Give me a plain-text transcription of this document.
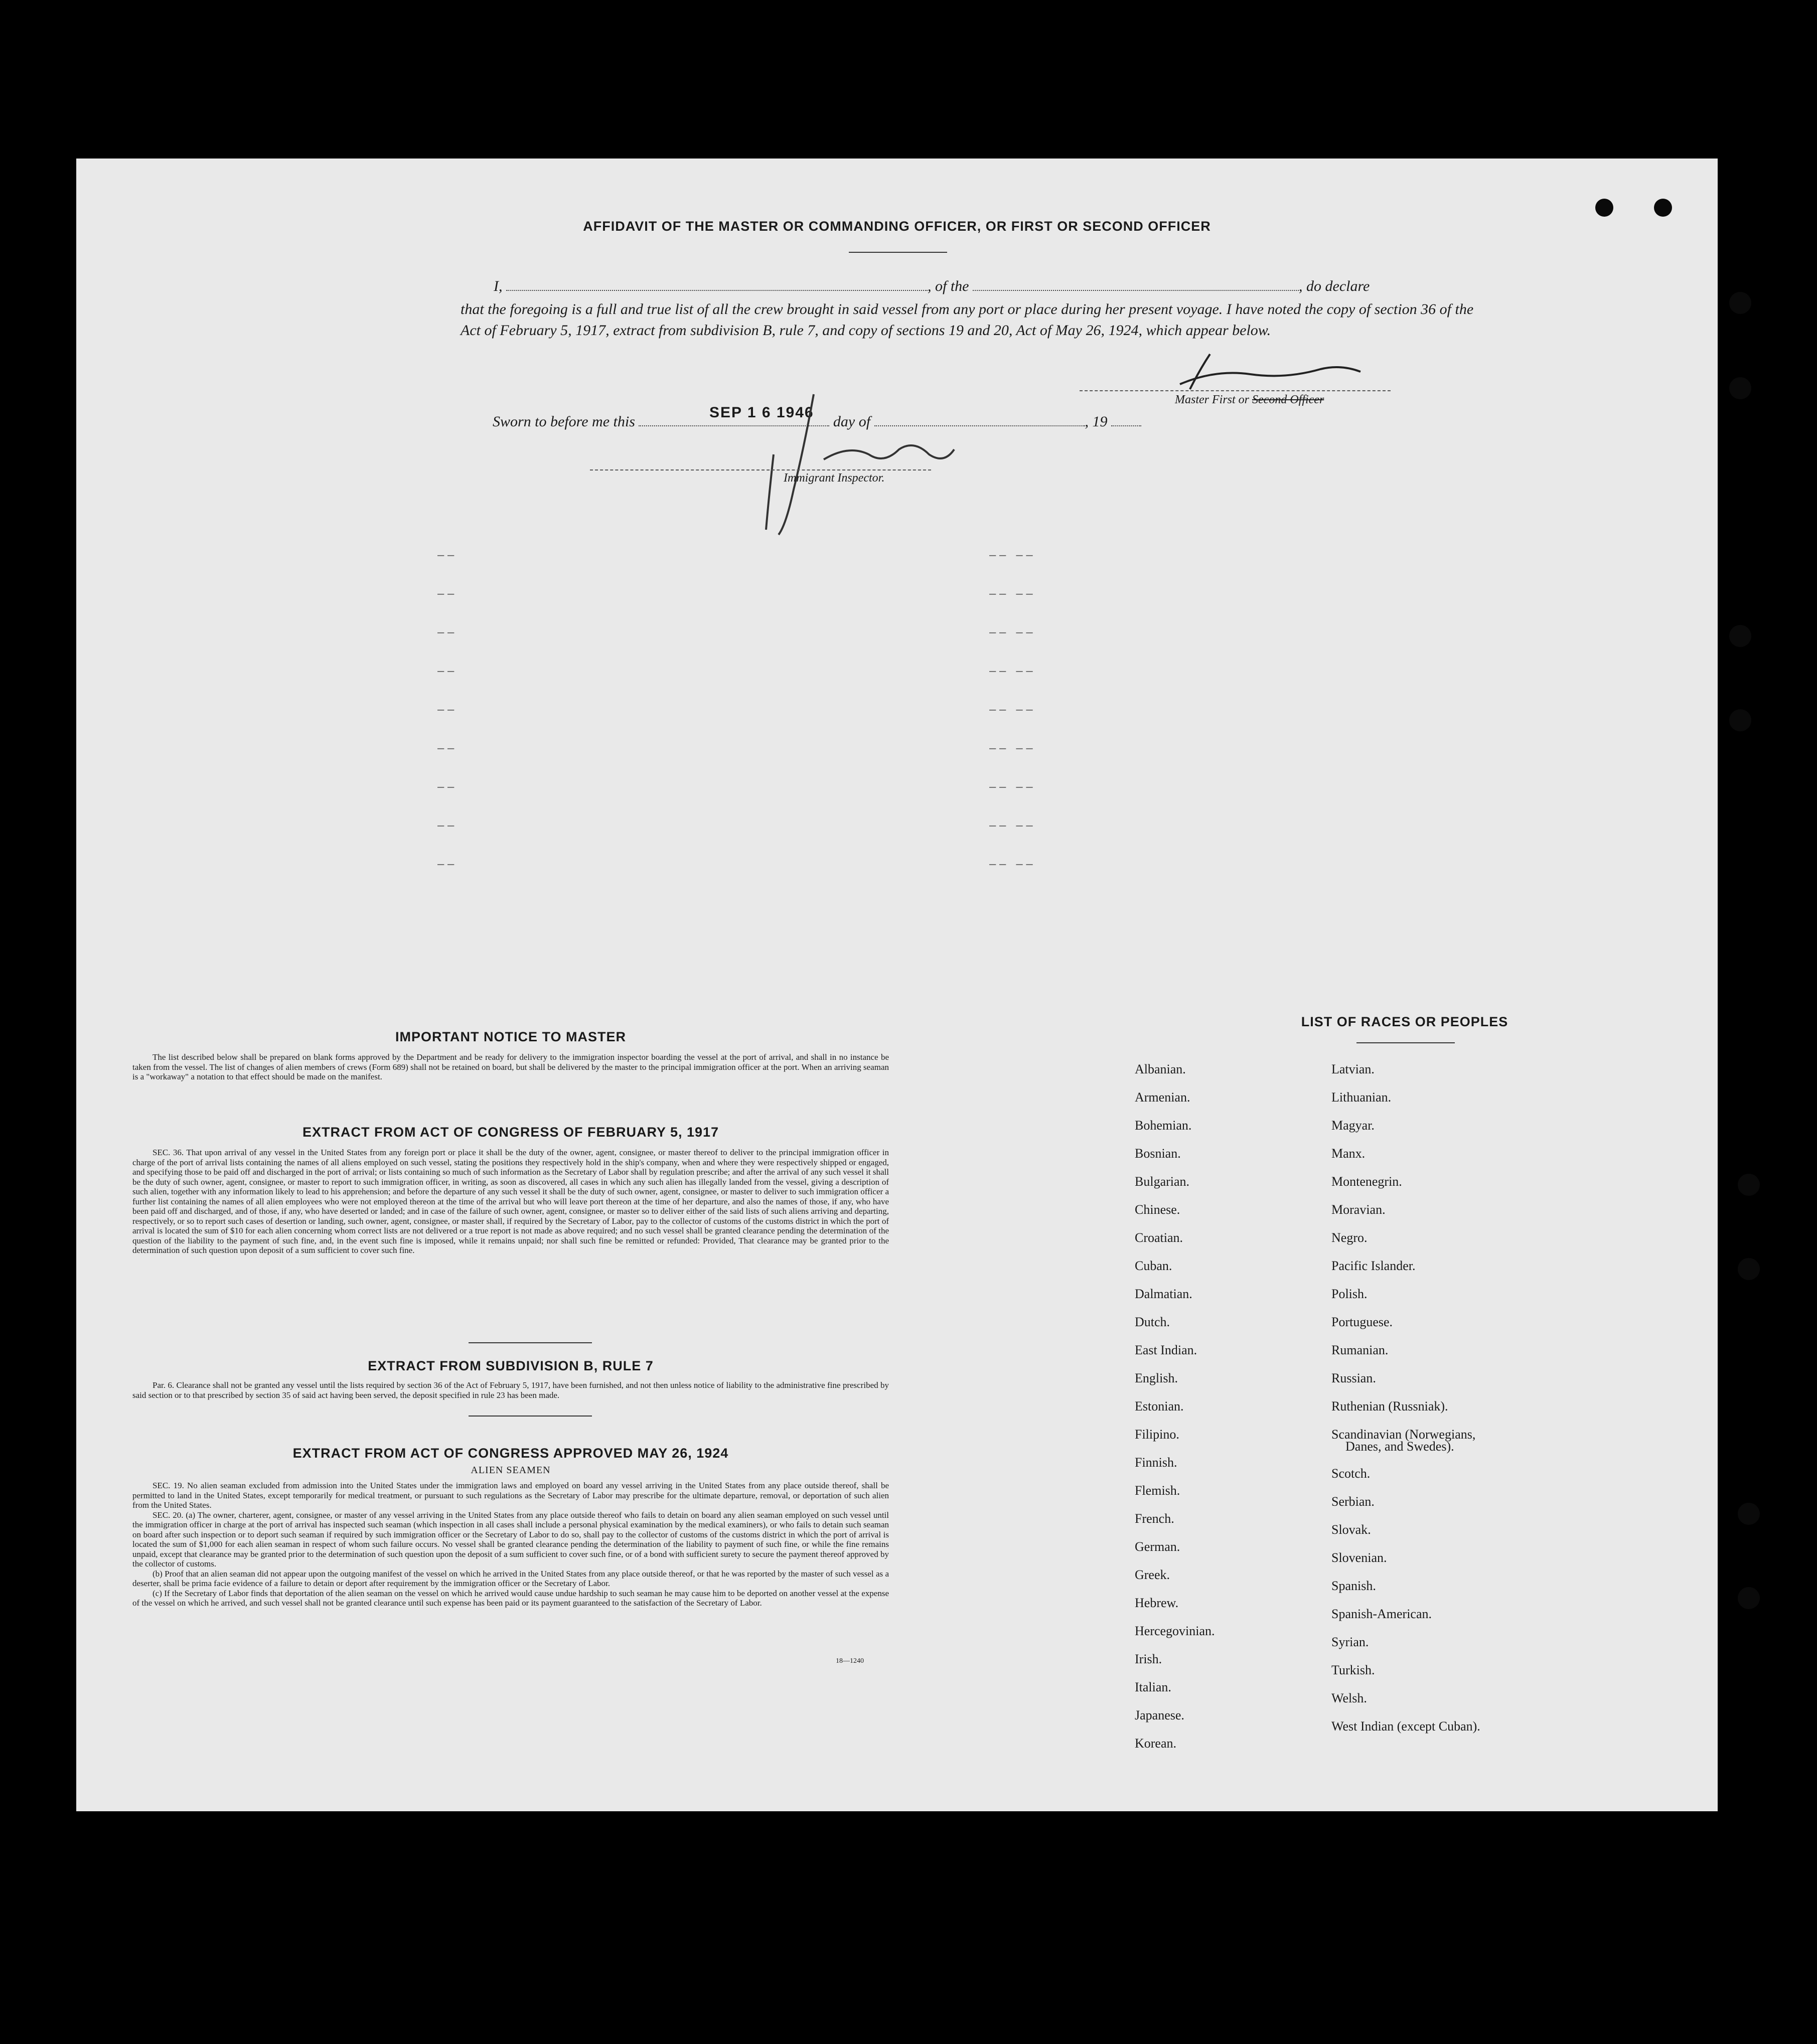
AFFIDAVIT OF THE MASTER OR COMMANDING OFFICER, OR FIRST OR SECOND OFFICER
I,	, of the	, do declare
that the foregoing is a full and true list of all the crew brought in said vessel from any port or place during her present voyage. I have noted the copy of section 36 of the Act of February 5, 1917, extract from subdivision B, rule 7, and copy of sections 19 and 20, Act of May 26, 1924, which appear below.
Master First or Second Officer
Sworn to before me this	day of	, 19
SEP 1 6 1946
Immigrant Inspector.
– –
– –
– –
– –
– –
– –
– –
– –
– –
– –   – –
– –   – –
– –   – –
– –   – –
– –   – –
– –   – –
– –   – –
– –   – –
– –   – –
IMPORTANT NOTICE TO MASTER

The list described below shall be prepared on blank forms approved by the Department and be ready for delivery to the immigration inspector boarding the vessel at the port of arrival, and shall in no instance be taken from the vessel. The list of changes of alien members of crews (Form 689) shall not be retained on board, but shall be delivered by the master to the principal immigration officer at the port. When an arriving seaman is a "workaway" a notation to that effect should be made on the manifest.

EXTRACT FROM ACT OF CONGRESS OF FEBRUARY 5, 1917

SEC. 36. That upon arrival of any vessel in the United States from any foreign port or place it shall be the duty of the owner, agent, consignee, or master thereof to deliver to the principal immigration officer in charge of the port of arrival lists containing the names of all aliens employed on such vessel, stating the positions they respectively hold in the ship's company, when and where they were respectively shipped or engaged, and specifying those to be paid off and discharged in the port of arrival; or lists containing so much of such information as the Secretary of Labor shall by regulation prescribe; and after the arrival of any such vessel it shall be the duty of such owner, agent, consignee, or master to report to such immigration officer, in writing, as soon as discovered, all cases in which any such alien has illegally landed from the vessel, giving a description of such alien, together with any information likely to lead to his apprehension; and before the departure of any such vessel it shall be the duty of such owner, agent, consignee, or master to deliver to such immigration officer a further list containing the names of all alien employees who were not employed thereon at the time of the arrival but who will leave port thereon at the time of her departure, and also the names of those, if any, who have been paid off and discharged, and of those, if any, who have deserted or landed; and in case of the failure of such owner, agent, consignee, or master so to deliver either of the said lists of such aliens arriving and departing, respectively, or so to report such cases of desertion or landing, such owner, agent, consignee, or master shall, if required by the Secretary of Labor, pay to the collector of customs of the customs district in which the port of arrival is located the sum of $10 for each alien concerning whom correct lists are not delivered or a true report is not made as above required; and no such vessel shall be granted clearance pending the determination of the question of the liability to the payment of such fine, and, in the event such fine is imposed, while it remains unpaid; nor shall such fine be remitted or refunded: Provided, That clearance may be granted prior to the determination of such question upon deposit of a sum sufficient to cover such fine.

EXTRACT FROM SUBDIVISION B, RULE 7

Par. 6. Clearance shall not be granted any vessel until the lists required by section 36 of the Act of February 5, 1917, have been furnished, and not then unless notice of liability to the administrative fine prescribed by said section or to that prescribed by section 35 of said act having been served, the deposit specified in rule 23 has been made.

EXTRACT FROM ACT OF CONGRESS APPROVED MAY 26, 1924
ALIEN SEAMEN

SEC. 19. No alien seaman excluded from admission into the United States under the immigration laws and employed on board any vessel arriving in the United States from any place outside thereof, shall be permitted to land in the United States, except temporarily for medical treatment, or pursuant to such regulations as the Secretary of Labor may prescribe for the ultimate departure, removal, or deportation of such alien from the United States.

SEC. 20. (a) The owner, charterer, agent, consignee, or master of any vessel arriving in the United States from any place outside thereof who fails to detain on board any alien seaman employed on such vessel until the immigration officer in charge at the port of arrival has inspected such seaman (which inspection in all cases shall include a personal physical examination by the medical examiners), or who fails to detain such seaman on board after such inspection or to deport such seaman if required by such immigration officer or the Secretary of Labor to do so, shall pay to the collector of customs of the customs district in which the port of arrival is located the sum of $1,000 for each alien seaman in respect of whom such failure occurs. No vessel shall be granted clearance pending the determination of the liability to payment of such fine, or while the fine remains unpaid, except that clearance may be granted prior to the determination of such question upon the deposit of a sum sufficient to cover such fine, or of a bond with sufficient surety to secure the payment thereof approved by the collector of customs.

(b) Proof that an alien seaman did not appear upon the outgoing manifest of the vessel on which he arrived in the United States from any place outside thereof, or that he was reported by the master of such vessel as a deserter, shall be prima facie evidence of a failure to detain or deport after requirement by the immigration officer or the Secretary of Labor.

(c) If the Secretary of Labor finds that deportation of the alien seaman on the vessel on which he arrived would cause undue hardship to such seaman he may cause him to be deported on another vessel at the expense of the vessel on which he arrived, and such vessel shall not be granted clearance until such expense has been paid or its payment guaranteed to the satisfaction of the Secretary of Labor.

18—1240
LIST OF RACES OR PEOPLES
Albanian.
Armenian.
Bohemian.
Bosnian.
Bulgarian.
Chinese.
Croatian.
Cuban.
Dalmatian.
Dutch.
East Indian.
English.
Estonian.
Filipino.
Finnish.
Flemish.
French.
German.
Greek.
Hebrew.
Hercegovinian.
Irish.
Italian.
Japanese.
Korean.
Latvian.
Lithuanian.
Magyar.
Manx.
Montenegrin.
Moravian.
Negro.
Pacific Islander.
Polish.
Portuguese.
Rumanian.
Russian.
Ruthenian (Russniak).
Scandinavian (Norwegians,
Danes, and Swedes).
Scotch.
Serbian.
Slovak.
Slovenian.
Spanish.
Spanish-American.
Syrian.
Turkish.
Welsh.
West Indian (except Cuban).
